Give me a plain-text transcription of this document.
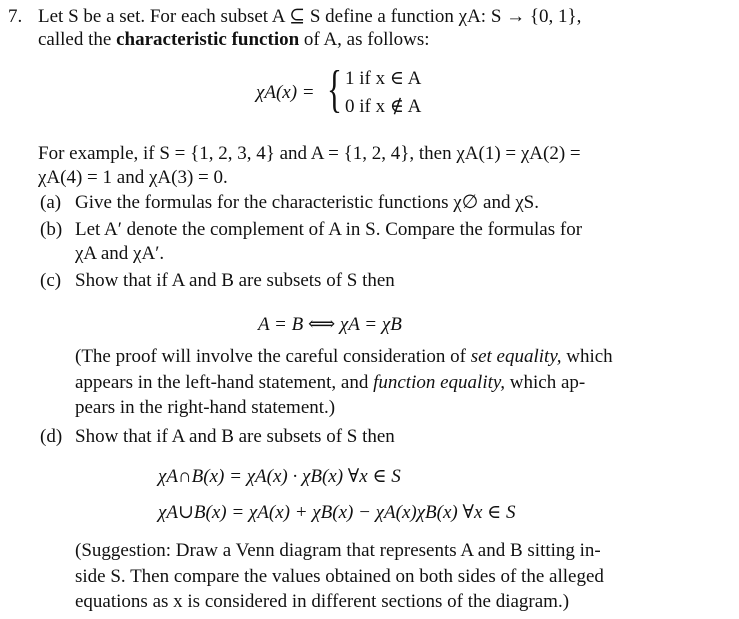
7. Let S be a set. For each subset A ⊆ S define a function χA: S → {0, 1},
called the characteristic function of A, as follows:
χA(x) = { 1 if x ∈ A
0 if x ∉ A
For example, if S = {1, 2, 3, 4} and A = {1, 2, 4}, then χA(1) = χA(2) =
χA(4) = 1 and χA(3) = 0.
(a) Give the formulas for the characteristic functions χ∅ and χS.
(b) Let A′ denote the complement of A in S. Compare the formulas for
χA and χA′.
(c) Show that if A and B are subsets of S then
A = B ⟺ χA = χB
(The proof will involve the careful consideration of set equality, which
appears in the left-hand statement, and function equality, which ap-
pears in the right-hand statement.)
(d) Show that if A and B are subsets of S then
χA∩B(x) = χA(x) · χB(x) ∀x ∈ S
χA∪B(x) = χA(x) + χB(x) − χA(x)χB(x) ∀x ∈ S
(Suggestion: Draw a Venn diagram that represents A and B sitting in-
side S. Then compare the values obtained on both sides of the alleged
equations as x is considered in different sections of the diagram.)
